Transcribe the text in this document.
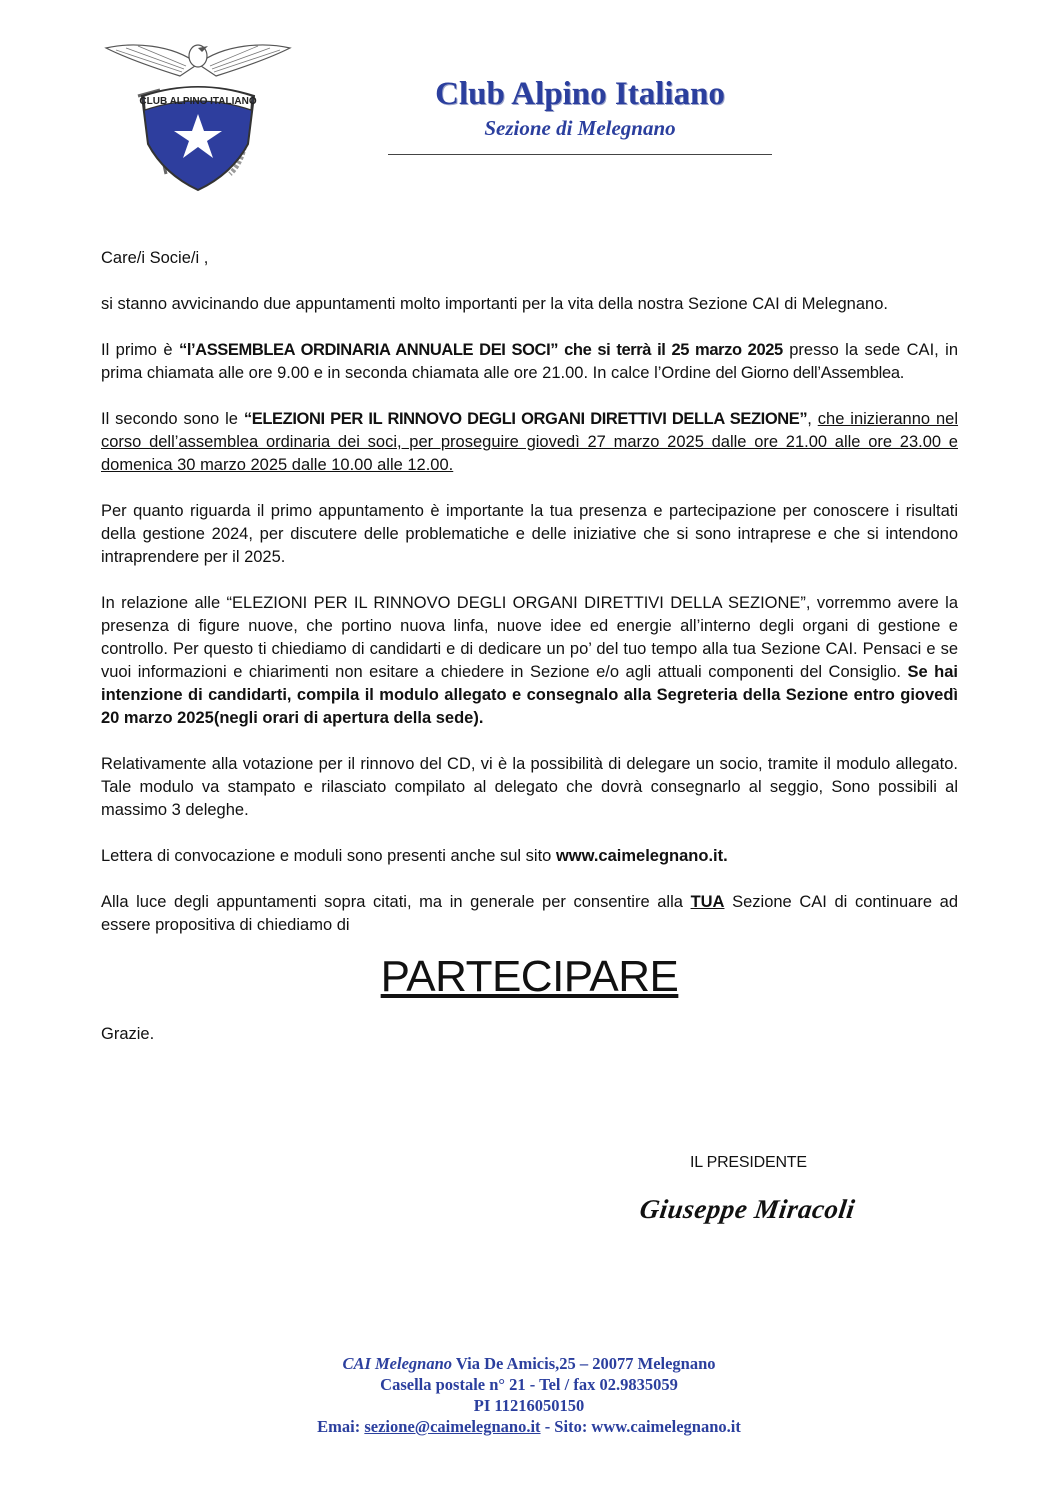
CLUB ALPINO ITALIANO	Club Alpino Italiano
Sezione di Melegnano

Care/i Socie/i ,

si stanno avvicinando due appuntamenti molto importanti per la vita della nostra Sezione CAI di Melegnano.

Il primo è “l’ASSEMBLEA ORDINARIA ANNUALE DEI SOCI” che si terrà il 25 marzo 2025 presso la sede CAI, in prima chiamata alle ore 9.00 e in seconda chiamata alle ore 21.00. In calce l’Ordine del Giorno dell’Assemblea.

Il secondo sono le “ELEZIONI PER IL RINNOVO DEGLI ORGANI DIRETTIVI DELLA SEZIONE”, che inizieranno nel corso dell’assemblea ordinaria dei soci, per proseguire giovedì 27 marzo 2025 dalle ore 21.00 alle ore 23.00 e domenica 30 marzo 2025 dalle 10.00 alle 12.00.

Per quanto riguarda il primo appuntamento è importante la tua presenza e partecipazione per conoscere i risultati della gestione 2024, per discutere delle problematiche e delle iniziative che si sono intraprese e che si intendono intraprendere per il 2025.

In relazione alle “ELEZIONI PER IL RINNOVO DEGLI ORGANI DIRETTIVI DELLA SEZIONE”, vorremmo avere la presenza di figure nuove, che portino nuova linfa, nuove idee ed energie all’interno degli organi di gestione e controllo. Per questo ti chiediamo di candidarti e di dedicare un po’ del tuo tempo alla tua Sezione CAI. Pensaci e se vuoi informazioni e chiarimenti non esitare a chiedere in Sezione e/o agli attuali componenti del Consiglio. Se hai intenzione di candidarti, compila il modulo allegato e consegnalo alla Segreteria della Sezione entro giovedì 20 marzo 2025(negli orari di apertura della sede).

Relativamente alla votazione per il rinnovo del CD, vi è la possibilità di delegare un socio, tramite il modulo allegato. Tale modulo va stampato e rilasciato compilato al delegato che dovrà consegnarlo al seggio, Sono possibili al massimo 3 deleghe.

Lettera di convocazione e moduli sono presenti anche sul sito www.caimelegnano.it.

Alla luce degli appuntamenti sopra citati, ma in generale per consentire alla TUA Sezione CAI di continuare ad essere propositiva di chiediamo di

PARTECIPARE

Grazie.

IL PRESIDENTE
Giuseppe Miracoli
CAI Melegnano Via De Amicis,25 – 20077 Melegnano
Casella postale n° 21 - Tel / fax 02.9835059
PI 11216050150
Emai: sezione@caimelegnano.it - Sito: www.caimelegnano.it
